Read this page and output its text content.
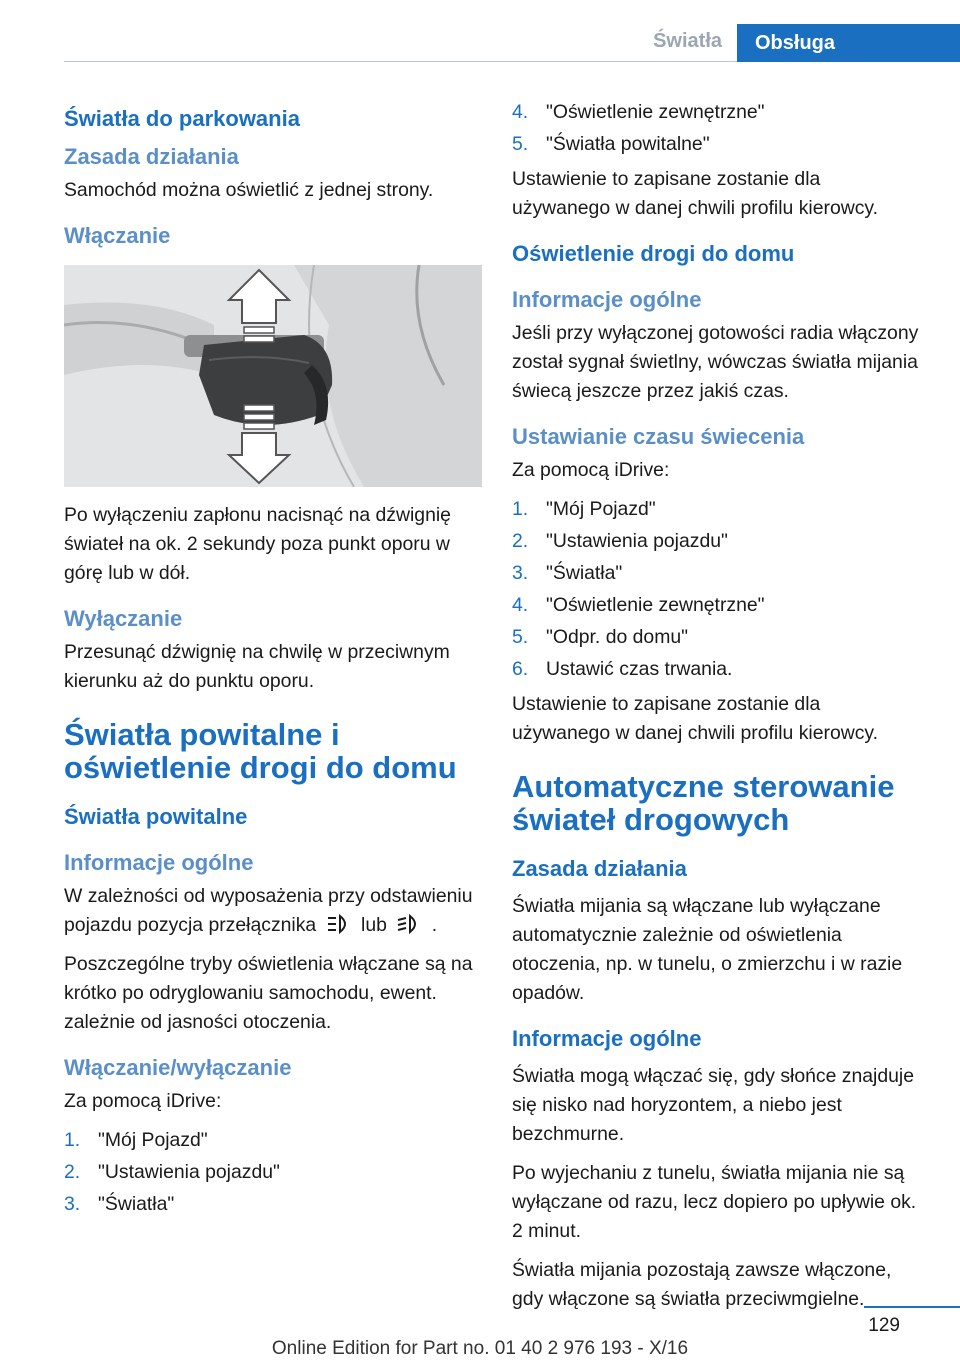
Światła	Obsługa
Światła do parkowania
Zasada działania

Samochód można oświetlić z jednej strony.

Włączanie

Po wyłączeniu zapłonu nacisnąć na dźwignię świateł na ok. 2 sekundy poza punkt oporu w górę lub w dół.

Wyłączanie

Przesunąć dźwignię na chwilę w przeciwnym kierunku aż do punktu oporu.

Światła powitalne i oświetlenie drogi do domu
Światła powitalne
Informacje ogólne

W zależności od wyposażenia przy odstawieniu pojazdu pozycja przełącznika lub .

Poszczególne tryby oświetlenia włączane są na krótko po odryglowaniu samochodu, ewent. zależnie od jasności otoczenia.

Włączanie/wyłączanie

Za pomocą iDrive:

1. "Mój Pojazd"
2. "Ustawienia pojazdu"
3. "Światła"
4. "Oświetlenie zewnętrzne"
5. "Światła powitalne"

Ustawienie to zapisane zostanie dla używanego w danej chwili profilu kierowcy.

Oświetlenie drogi do domu
Informacje ogólne

Jeśli przy wyłączonej gotowości radia włączony został sygnał świetlny, wówczas światła mijania świecą jeszcze przez jakiś czas.

Ustawianie czasu świecenia

Za pomocą iDrive:

1. "Mój Pojazd"
2. "Ustawienia pojazdu"
3. "Światła"
4. "Oświetlenie zewnętrzne"
5. "Odpr. do domu"
6. Ustawić czas trwania.

Ustawienie to zapisane zostanie dla używanego w danej chwili profilu kierowcy.

Automatyczne sterowanie świateł drogowych
Zasada działania

Światła mijania są włączane lub wyłączane automatycznie zależnie od oświetlenia otoczenia, np. w tunelu, o zmierzchu i w razie opadów.

Informacje ogólne

Światła mogą włączać się, gdy słońce znajduje się nisko nad horyzontem, a niebo jest bezchmurne.

Po wyjechaniu z tunelu, światła mijania nie są wyłączane od razu, lecz dopiero po upływie ok. 2 minut.

Światła mijania pozostają zawsze włączone, gdy włączone są światła przeciwmgielne.

129
Online Edition for Part no. 01 40 2 976 193 - X/16
